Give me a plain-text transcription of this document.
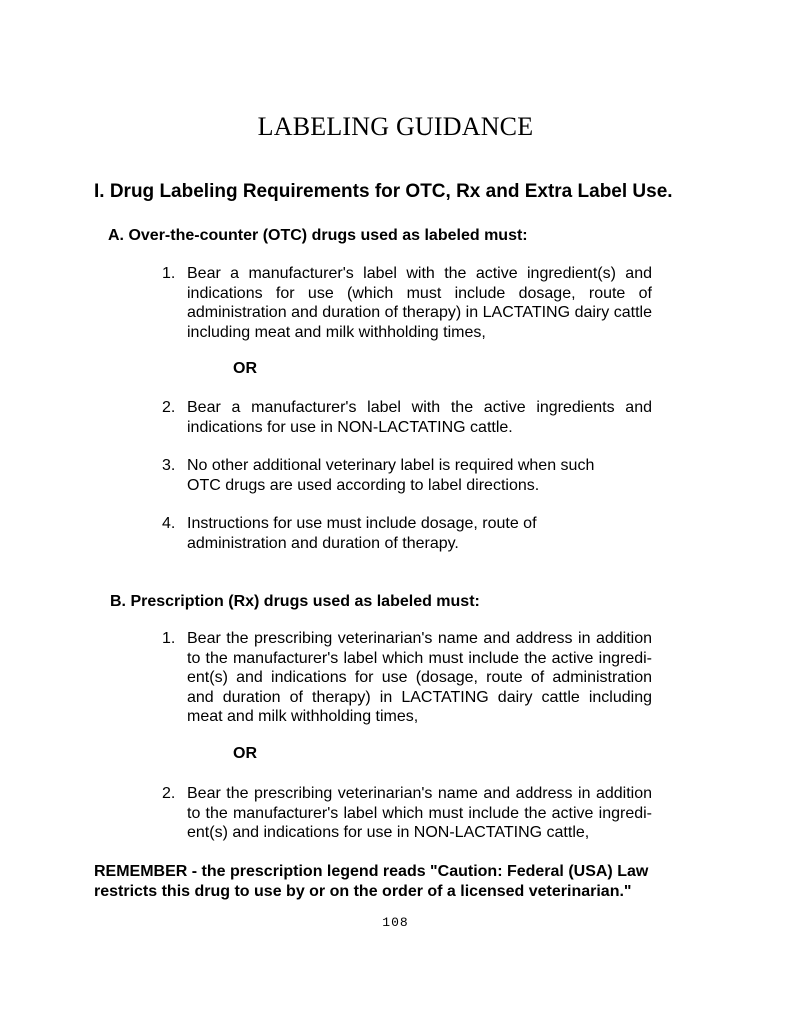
LABELING GUIDANCE
I. Drug Labeling Requirements for OTC, Rx and Extra Label Use.
A. Over-the-counter (OTC) drugs used as labeled must:
1. Bear a manufacturer's label with the active ingredient(s) and indications for use (which must include dosage, route of administration and duration of therapy) in LACTATING dairy cattle including meat and milk withholding times,
OR
2. Bear a manufacturer's label with the active ingredients and indications for use in NON-LACTATING cattle.
3. No other additional veterinary label is required when such OTC drugs are used according to label directions.
4. Instructions for use must include dosage, route of administration and duration of therapy.
B. Prescription (Rx) drugs used as labeled must:
1. Bear the prescribing veterinarian's name and address in addition to the manufacturer's label which must include the active ingredi-ent(s) and indications for use (dosage, route of administration and duration of therapy) in LACTATING dairy cattle including meat and milk withholding times,
OR
2. Bear the prescribing veterinarian's name and address in addition to the manufacturer's label which must include the active ingredi-ent(s) and indications for use in NON-LACTATING cattle,
REMEMBER - the prescription legend reads "Caution: Federal (USA) Law restricts this drug to use by or on the order of a licensed veterinarian."
108
